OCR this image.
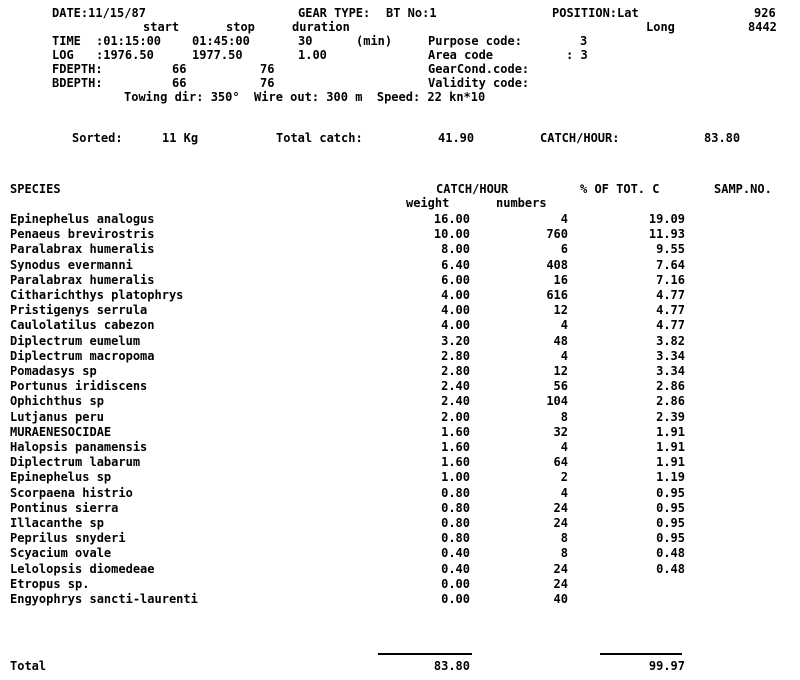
DATE:11/15/87	GEAR TYPE: BT No:1	POSITION:Lat	926
Long	8442
start	stop	duration
TIME :01:15:00	01:45:00	30	(min)	Purpose code:	3
LOG :1976.50	1977.50	1.00	Area code	: 3
FDEPTH:	66	76	GearCond.code:
BDEPTH:	66	76	Validity code:
Towing dir: 350°  Wire out: 300 m  Speed: 22 kn*10
Sorted:	11 Kg	Total catch:	41.90	CATCH/HOUR:	83.80
SPECIES	CATCH/HOUR	% OF TOT. C	SAMP.NO.
weight	numbers
Epinephelus analogus	16.00	4	19.09
Penaeus brevirostris	10.00	760	11.93
Paralabrax humeralis	8.00	6	9.55
Synodus evermanni	6.40	408	7.64
Paralabrax humeralis	6.00	16	7.16
Citharichthys platophrys	4.00	616	4.77
Pristigenys serrula	4.00	12	4.77
Caulolatilus cabezon	4.00	4	4.77
Diplectrum eumelum	3.20	48	3.82
Diplectrum macropoma	2.80	4	3.34
Pomadasys sp	2.80	12	3.34
Portunus iridiscens	2.40	56	2.86
Ophichthus sp	2.40	104	2.86
Lutjanus peru	2.00	8	2.39
MURAENESOCIDAE	1.60	32	1.91
Halopsis panamensis	1.60	4	1.91
Diplectrum labarum	1.60	64	1.91
Epinephelus sp	1.00	2	1.19
Scorpaena histrio	0.80	4	0.95
Pontinus sierra	0.80	24	0.95
Illacanthe sp	0.80	24	0.95
Peprilus snyderi	0.80	8	0.95
Scyacium ovale	0.40	8	0.48
Lelolopsis diomedeae	0.40	24	0.48
Etropus sp.	0.00	24
Engyophrys sancti-laurenti	0.00	40
Total	83.80	99.97
